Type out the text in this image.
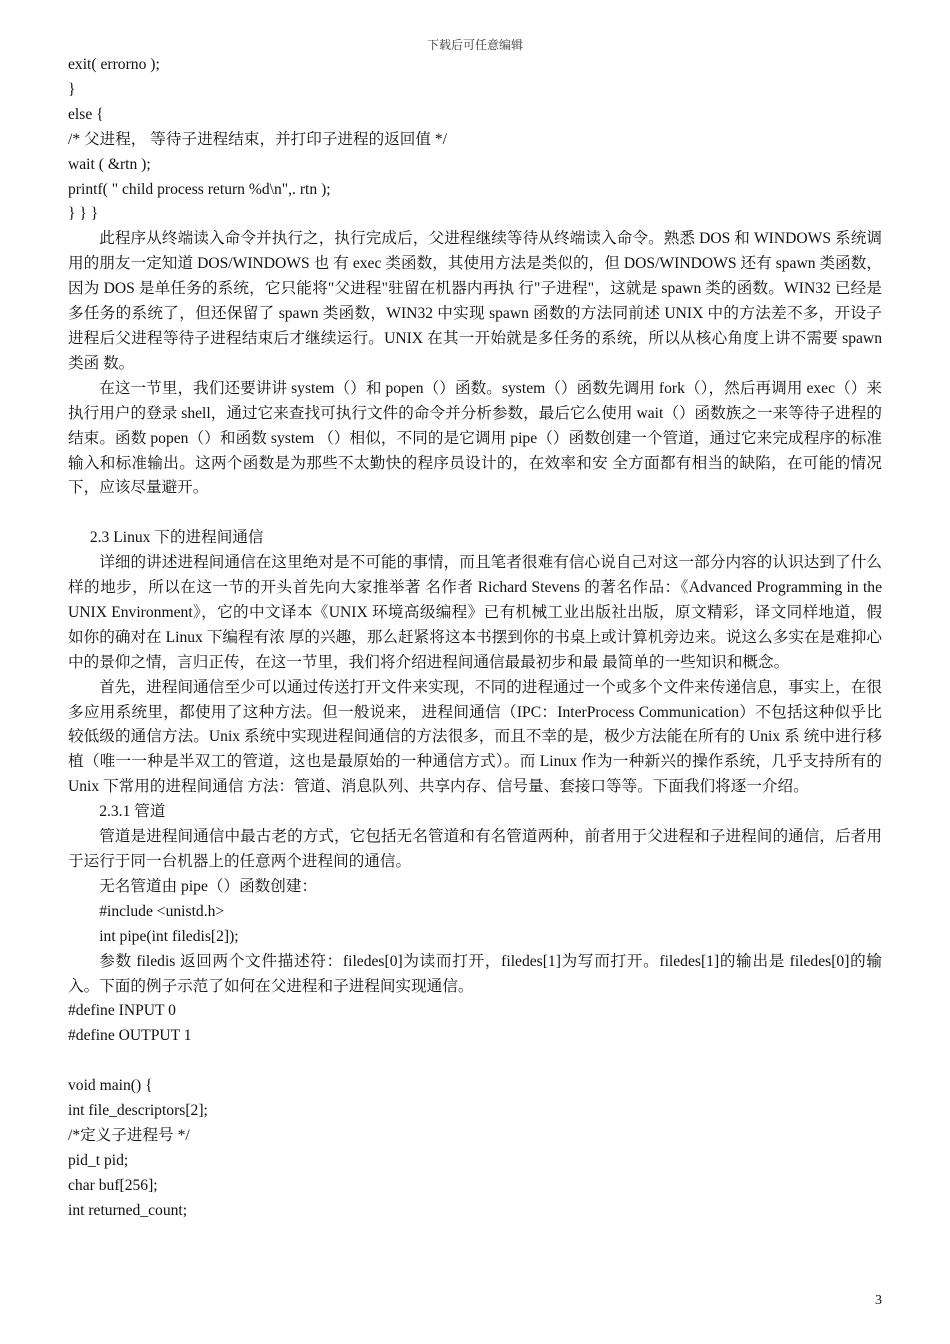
下载后可任意编辑
exit( errorno );
}
else {
/* 父进程， 等待子进程结束，并打印子进程的返回值 */
wait ( &rtn );
printf( " child process return %d\n",. rtn );
} } }

此程序从终端读入命令并执行之，执行完成后，父进程继续等待从终端读入命令。熟悉 DOS 和 WINDOWS 系统调用的朋友一定知道 DOS/WINDOWS 也 有 exec 类函数，其使用方法是类似的，但 DOS/WINDOWS 还有 spawn 类函数，因为 DOS 是单任务的系统，它只能将"父进程"驻留在机器内再执 行"子进程"，这就是 spawn 类的函数。WIN32 已经是多任务的系统了，但还保留了 spawn 类函数，WIN32 中实现 spawn 函数的方法同前述 UNIX 中的方法差不多，开设子进程后父进程等待子进程结束后才继续运行。UNIX 在其一开始就是多任务的系统，所以从核心角度上讲不需要 spawn 类函 数。

在这一节里，我们还要讲讲 system（）和 popen（）函数。system（）函数先调用 fork（），然后再调用 exec（）来执行用户的登录 shell，通过它来查找可执行文件的命令并分析参数，最后它么使用 wait（）函数族之一来等待子进程的结束。函数 popen（）和函数 system （）相似，不同的是它调用 pipe（）函数创建一个管道，通过它来完成程序的标准输入和标准输出。这两个函数是为那些不太勤快的程序员设计的，在效率和安 全方面都有相当的缺陷，在可能的情况下，应该尽量避开。

2.3 Linux 下的进程间通信

详细的讲述进程间通信在这里绝对是不可能的事情，而且笔者很难有信心说自己对这一部分内容的认识达到了什么样的地步，所以在这一节的开头首先向大家推举著 名作者 Richard Stevens 的著名作品：《Advanced Programming in the UNIX Environment》，它的中文译本《UNIX 环境高级编程》已有机械工业出版社出版，原文精彩，译文同样地道，假如你的确对在 Linux 下编程有浓 厚的兴趣，那么赶紧将这本书摆到你的书桌上或计算机旁边来。说这么多实在是难抑心中的景仰之情，言归正传，在这一节里，我们将介绍进程间通信最最初步和最 最简单的一些知识和概念。

首先，进程间通信至少可以通过传送打开文件来实现，不同的进程通过一个或多个文件来传递信息，事实上，在很多应用系统里，都使用了这种方法。但一般说来， 进程间通信（IPC：InterProcess Communication）不包括这种似乎比较低级的通信方法。Unix 系统中实现进程间通信的方法很多，而且不幸的是，极少方法能在所有的 Unix 系 统中进行移植（唯一一种是半双工的管道，这也是最原始的一种通信方式）。而 Linux 作为一种新兴的操作系统，几乎支持所有的 Unix 下常用的进程间通信 方法：管道、消息队列、共享内存、信号量、套接口等等。下面我们将逐一介绍。

2.3.1 管道

管道是进程间通信中最古老的方式，它包括无名管道和有名管道两种，前者用于父进程和子进程间的通信，后者用于运行于同一台机器上的任意两个进程间的通信。

无名管道由 pipe（）函数创建：
#include <unistd.h>
int pipe(int filedis[2]);

参数 filedis 返回两个文件描述符：filedes[0]为读而打开，filedes[1]为写而打开。filedes[1]的输出是 filedes[0]的输入。下面的例子示范了如何在父进程和子进程间实现通信。

#define INPUT 0
#define OUTPUT 1
void main() {
int file_descriptors[2];
/*定义子进程号 */
pid_t pid;
char buf[256];
int returned_count;
3
